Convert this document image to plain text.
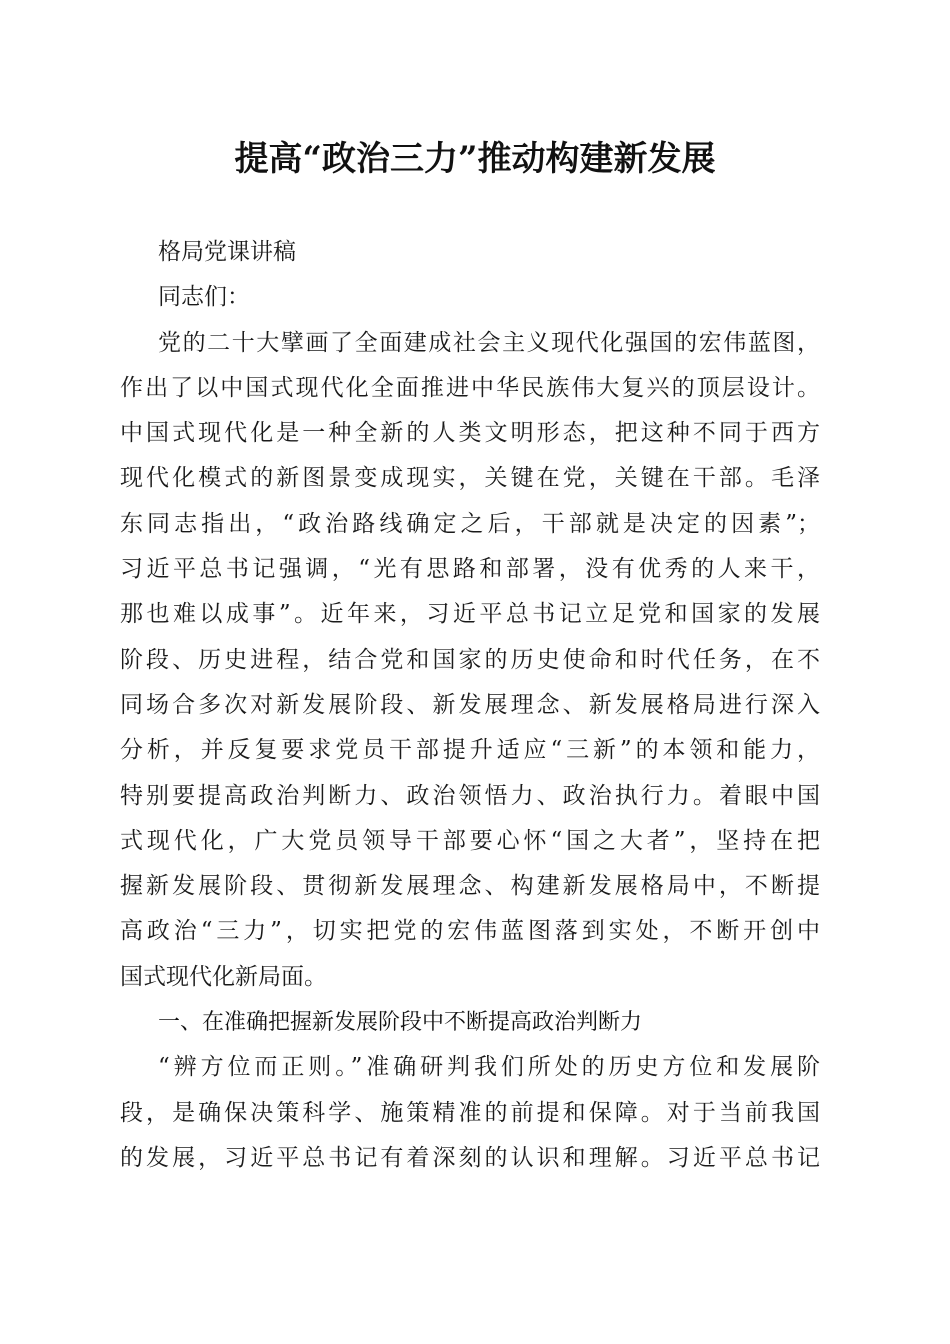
提高“政治三力”推动构建新发展
格局党课讲稿
同志们：
党的二十大擘画了全面建成社会主义现代化强国的宏伟蓝图，
作出了以中国式现代化全面推进中华民族伟大复兴的顶层设计。
中国式现代化是一种全新的人类文明形态，把这种不同于西方
现代化模式的新图景变成现实，关键在党，关键在干部。毛泽
东同志指出，“政治路线确定之后，干部就是决定的因素”；
习近平总书记强调，“光有思路和部署，没有优秀的人来干，
那也难以成事”。近年来，习近平总书记立足党和国家的发展
阶段、历史进程，结合党和国家的历史使命和时代任务，在不
同场合多次对新发展阶段、新发展理念、新发展格局进行深入
分析，并反复要求党员干部提升适应“三新”的本领和能力，
特别要提高政治判断力、政治领悟力、政治执行力。着眼中国
式现代化，广大党员领导干部要心怀“国之大者”，坚持在把
握新发展阶段、贯彻新发展理念、构建新发展格局中，不断提
高政治“三力”，切实把党的宏伟蓝图落到实处，不断开创中
国式现代化新局面。
一、在准确把握新发展阶段中不断提高政治判断力
“辨方位而正则。”准确研判我们所处的历史方位和发展阶
段，是确保决策科学、施策精准的前提和保障。对于当前我国
的发展，习近平总书记有着深刻的认识和理解。习近平总书记
